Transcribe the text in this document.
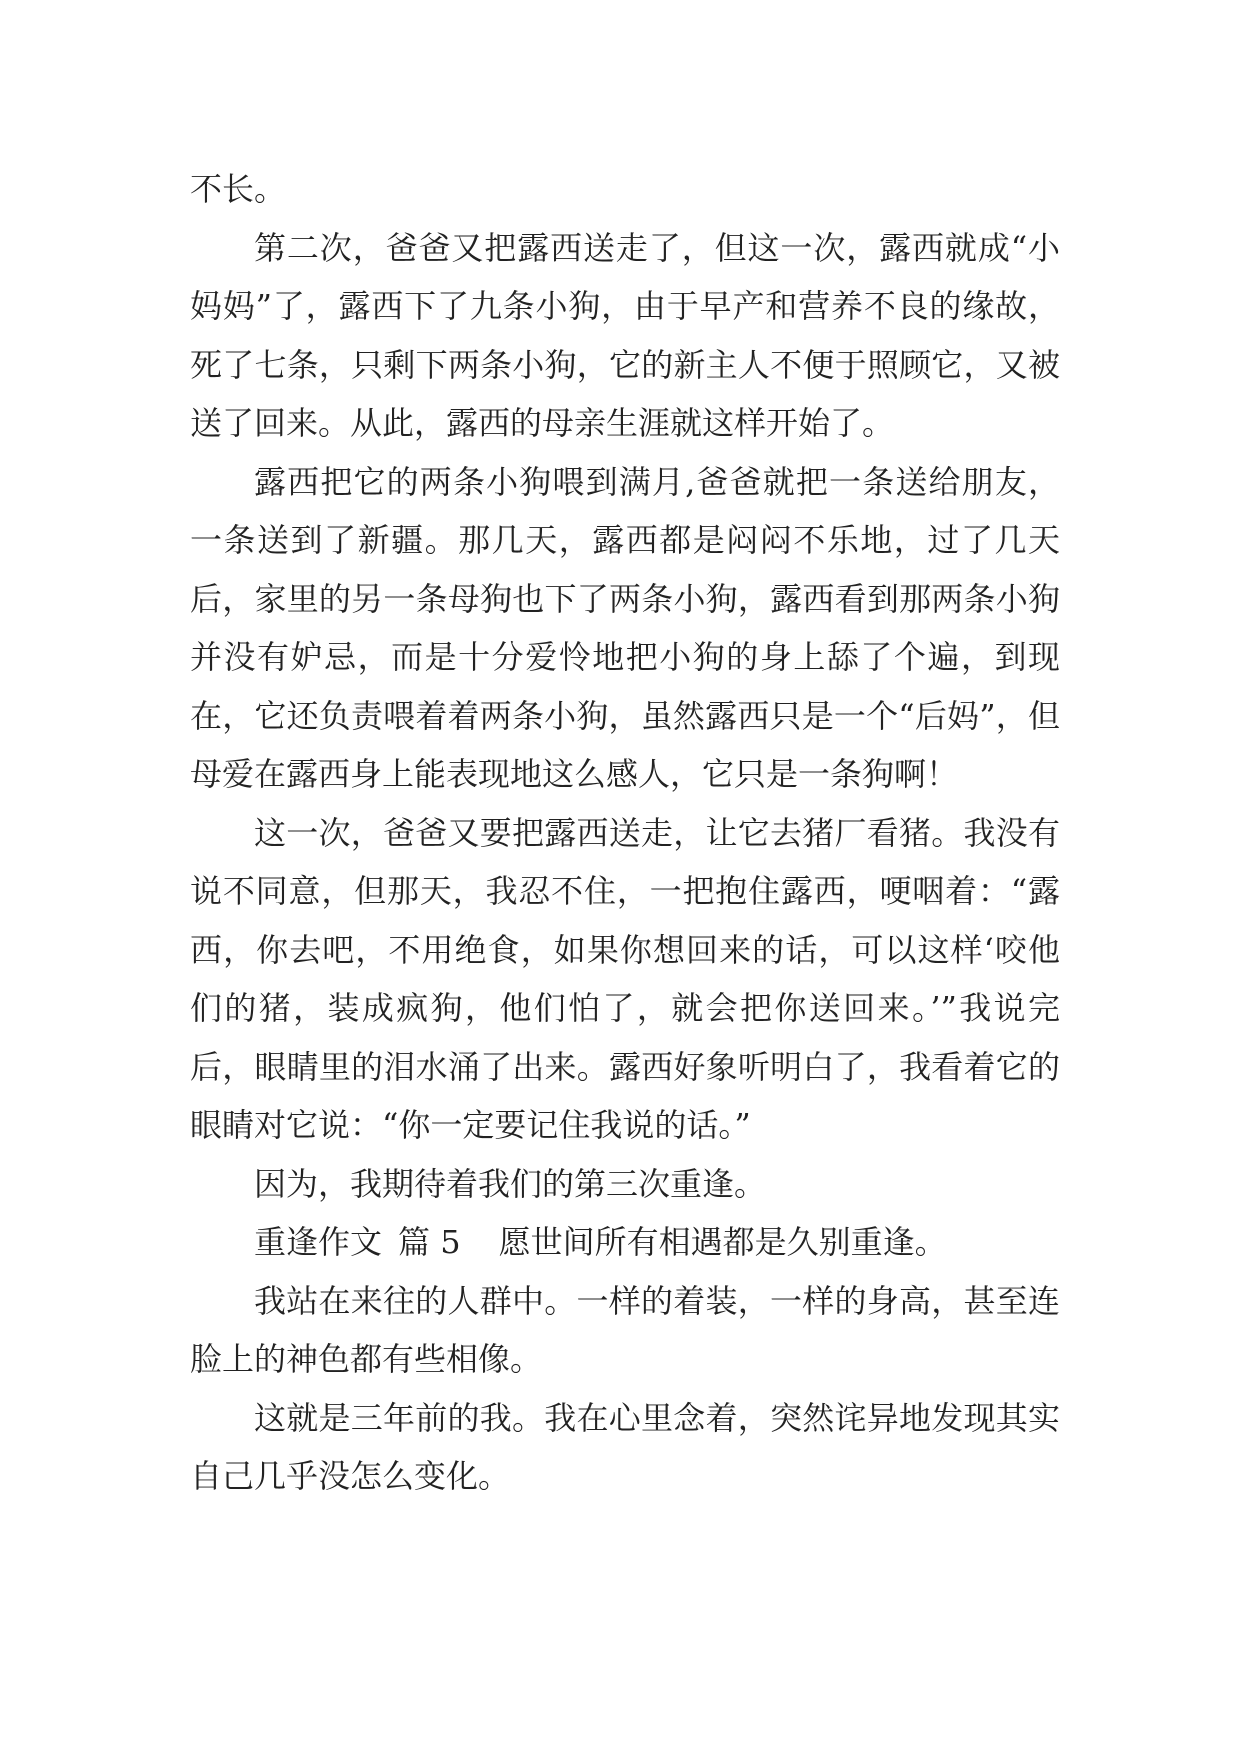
不长。

第二次，爸爸又把露西送走了，但这一次，露西就成“小妈妈”了，露西下了九条小狗，由于早产和营养不良的缘故，死了七条，只剩下两条小狗，它的新主人不便于照顾它，又被送了回来。从此，露西的母亲生涯就这样开始了。

露西把它的两条小狗喂到满月,爸爸就把一条送给朋友，一条送到了新疆。那几天，露西都是闷闷不乐地，过了几天后，家里的另一条母狗也下了两条小狗，露西看到那两条小狗并没有妒忌，而是十分爱怜地把小狗的身上舔了个遍，到现在，它还负责喂着着两条小狗，虽然露西只是一个“后妈”，但母爱在露西身上能表现地这么感人，它只是一条狗啊！

这一次，爸爸又要把露西送走，让它去猪厂看猪。我没有说不同意，但那天，我忍不住，一把抱住露西，哽咽着：“露西，你去吧，不用绝食，如果你想回来的话，可以这样‘咬他们的猪，装成疯狗，他们怕了，就会把你送回来。’”我说完后，眼睛里的泪水涌了出来。露西好象听明白了，我看着它的眼睛对它说：“你一定要记住我说的话。”

因为，我期待着我们的第三次重逢。

重逢作文  篇 5 愿世间所有相遇都是久别重逢。

我站在来往的人群中。一样的着装，一样的身高，甚至连脸上的神色都有些相像。

这就是三年前的我。我在心里念着，突然诧异地发现其实自己几乎没怎么变化。
